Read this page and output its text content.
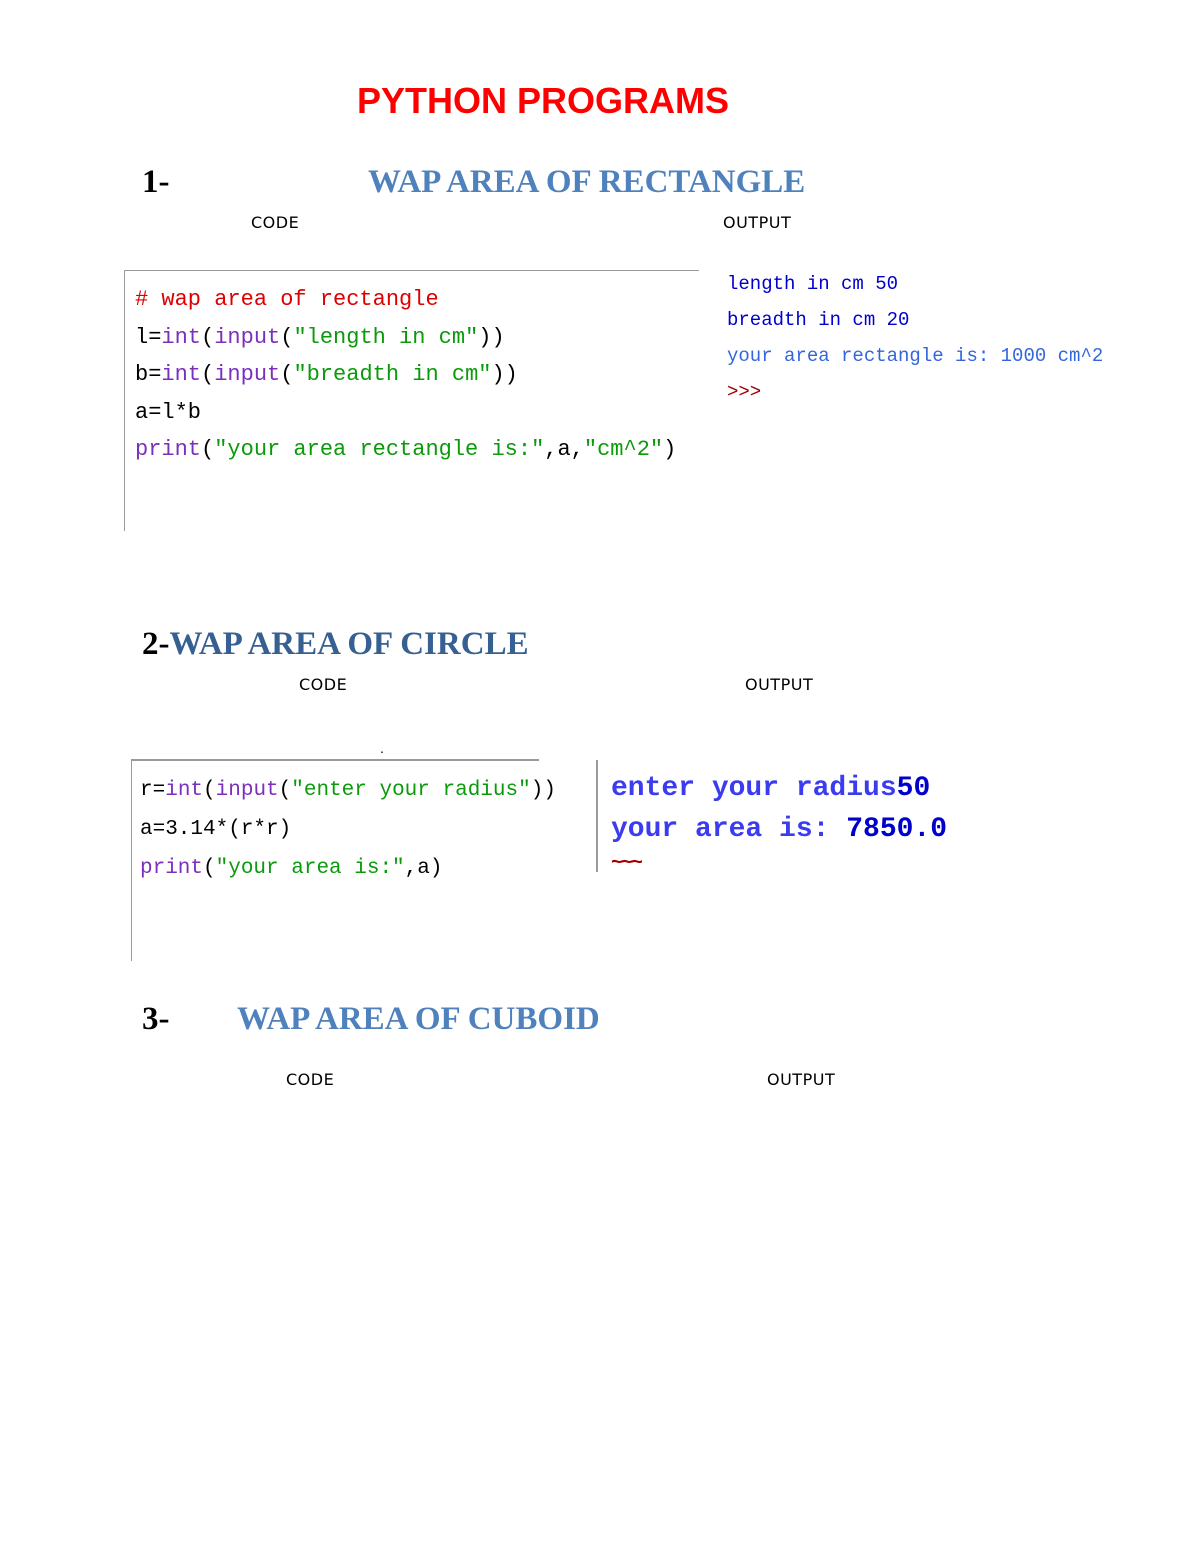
PYTHON PROGRAMS
1-	WAP AREA OF RECTANGLE
CODE	OUTPUT
# wap area of rectangle
l=int(input("length in cm"))
b=int(input("breadth in cm"))
a=l*b
print("your area rectangle is:",a,"cm^2")
length in cm 50
breadth in cm 20
your area rectangle is: 1000 cm^2
>>>
2-WAP AREA OF CIRCLE
CODE	OUTPUT
.
r=int(input("enter your radius"))
a=3.14*(r*r)
print("your area is:",a)
enter your radius50
your area is: 7850.0
~~~
3- WAP AREA OF CUBOID
CODE	OUTPUT
